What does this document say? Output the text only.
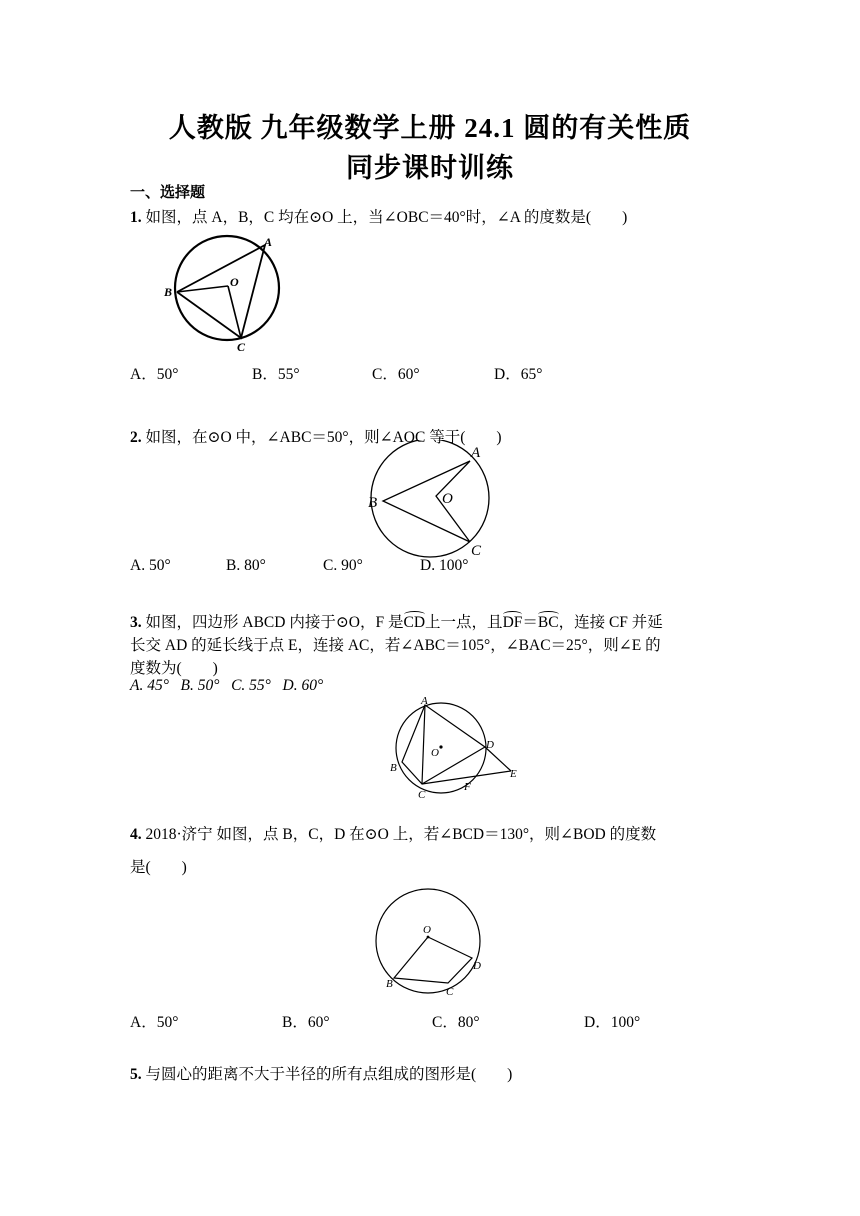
人教版 九年级数学上册 24.1 圆的有关性质
同步课时训练
一、选择题
1. 如图，点 A，B，C 均在⊙O 上，当∠OBC＝40°时，∠A 的度数是(　　)
A
B
C
O
A．50°	B．55°	C．60°	D．65°
2. 如图，在⊙O 中，∠ABC＝50°，则∠AOC 等于(　　)
A
B
C
O
A. 50°	B. 80°	C. 90°	D. 100°
3. 如图，四边形 ABCD 内接于⊙O，F 是CD上一点，且DF＝BC，连接 CF 并延
长交 AD 的延长线于点 E，连接 AC，若∠ABC＝105°，∠BAC＝25°，则∠E 的
度数为(　　)
A. 45° B. 50° C. 55° D. 60°
A
B
C
D
E
F
O
4. 2018·济宁 如图，点 B，C，D 在⊙O 上，若∠BCD＝130°，则∠BOD 的度数
是(　　)
O
B
C
D
A．50°	B．60°	C．80°	D．100°
5. 与圆心的距离不大于半径的所有点组成的图形是(　　)
